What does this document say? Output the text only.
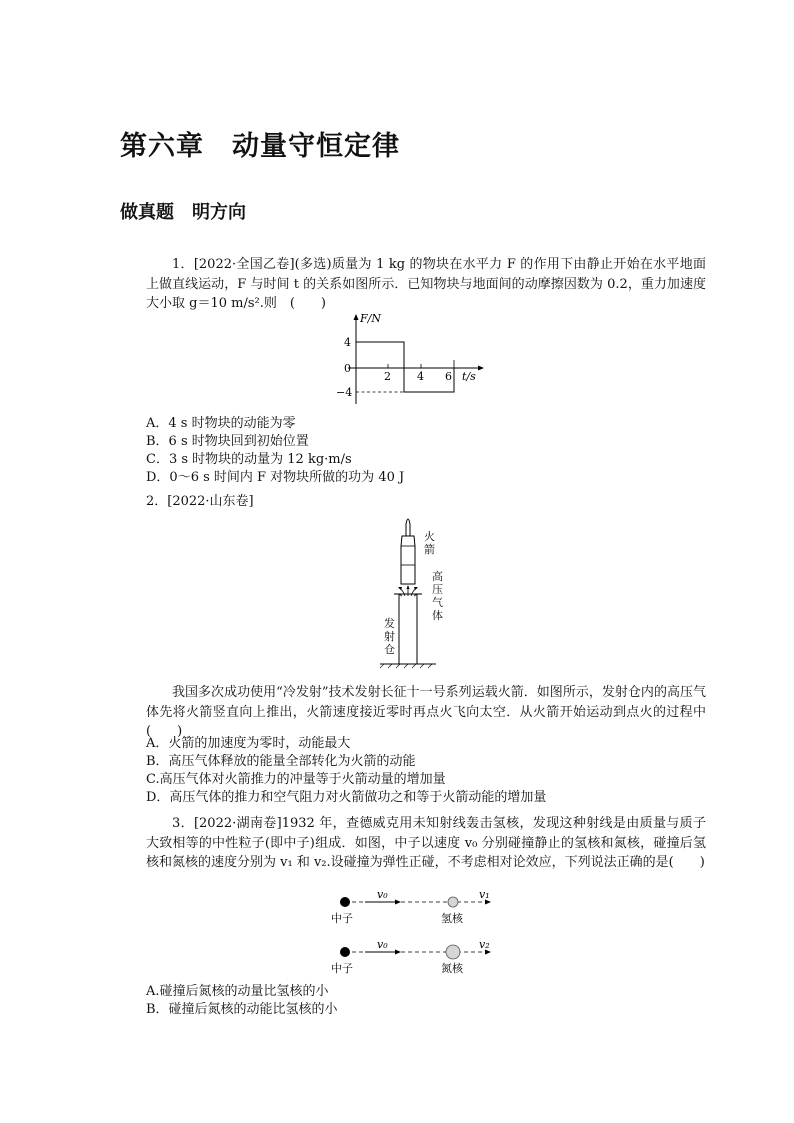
第六章　动量守恒定律
做真题　明方向
1．[2022·全国乙卷](多选)质量为 1 kg 的物块在水平力 F 的作用下由静止开始在水平地面上做直线运动，F 与时间 t 的关系如图所示．已知物块与地面间的动摩擦因数为 0.2，重力加速度大小取 g＝10 m/s².则　(　　)
F/N
t/s
4
0
−4
2 4 6
A．4 s 时物块的动能为零
B．6 s 时物块回到初始位置
C．3 s 时物块的动量为 12 kg·m/s
D．0～6 s 时间内 F 对物块所做的功为 40 J
2．[2022·山东卷]
火箭
高压气体
发射仓
我国多次成功使用“冷发射”技术发射长征十一号系列运载火箭．如图所示，发射仓内的高压气体先将火箭竖直向上推出，火箭速度接近零时再点火飞向太空．从火箭开始运动到点火的过程中(　　)
A．火箭的加速度为零时，动能最大
B．高压气体释放的能量全部转化为火箭的动能
C.高压气体对火箭推力的冲量等于火箭动量的增加量
D．高压气体的推力和空气阻力对火箭做功之和等于火箭动能的增加量
3．[2022·湖南卷]1932 年，查德威克用未知射线轰击氢核，发现这种射线是由质量与质子大致相等的中性粒子(即中子)组成．如图，中子以速度 v₀ 分别碰撞静止的氢核和氮核，碰撞后氢核和氮核的速度分别为 v₁ 和 v₂.设碰撞为弹性正碰，不考虑相对论效应，下列说法正确的是(　　)
v₀	v₁
中子	氢核
v₀	v₂
中子	氮核
A.碰撞后氮核的动量比氢核的小
B．碰撞后氮核的动能比氢核的小
